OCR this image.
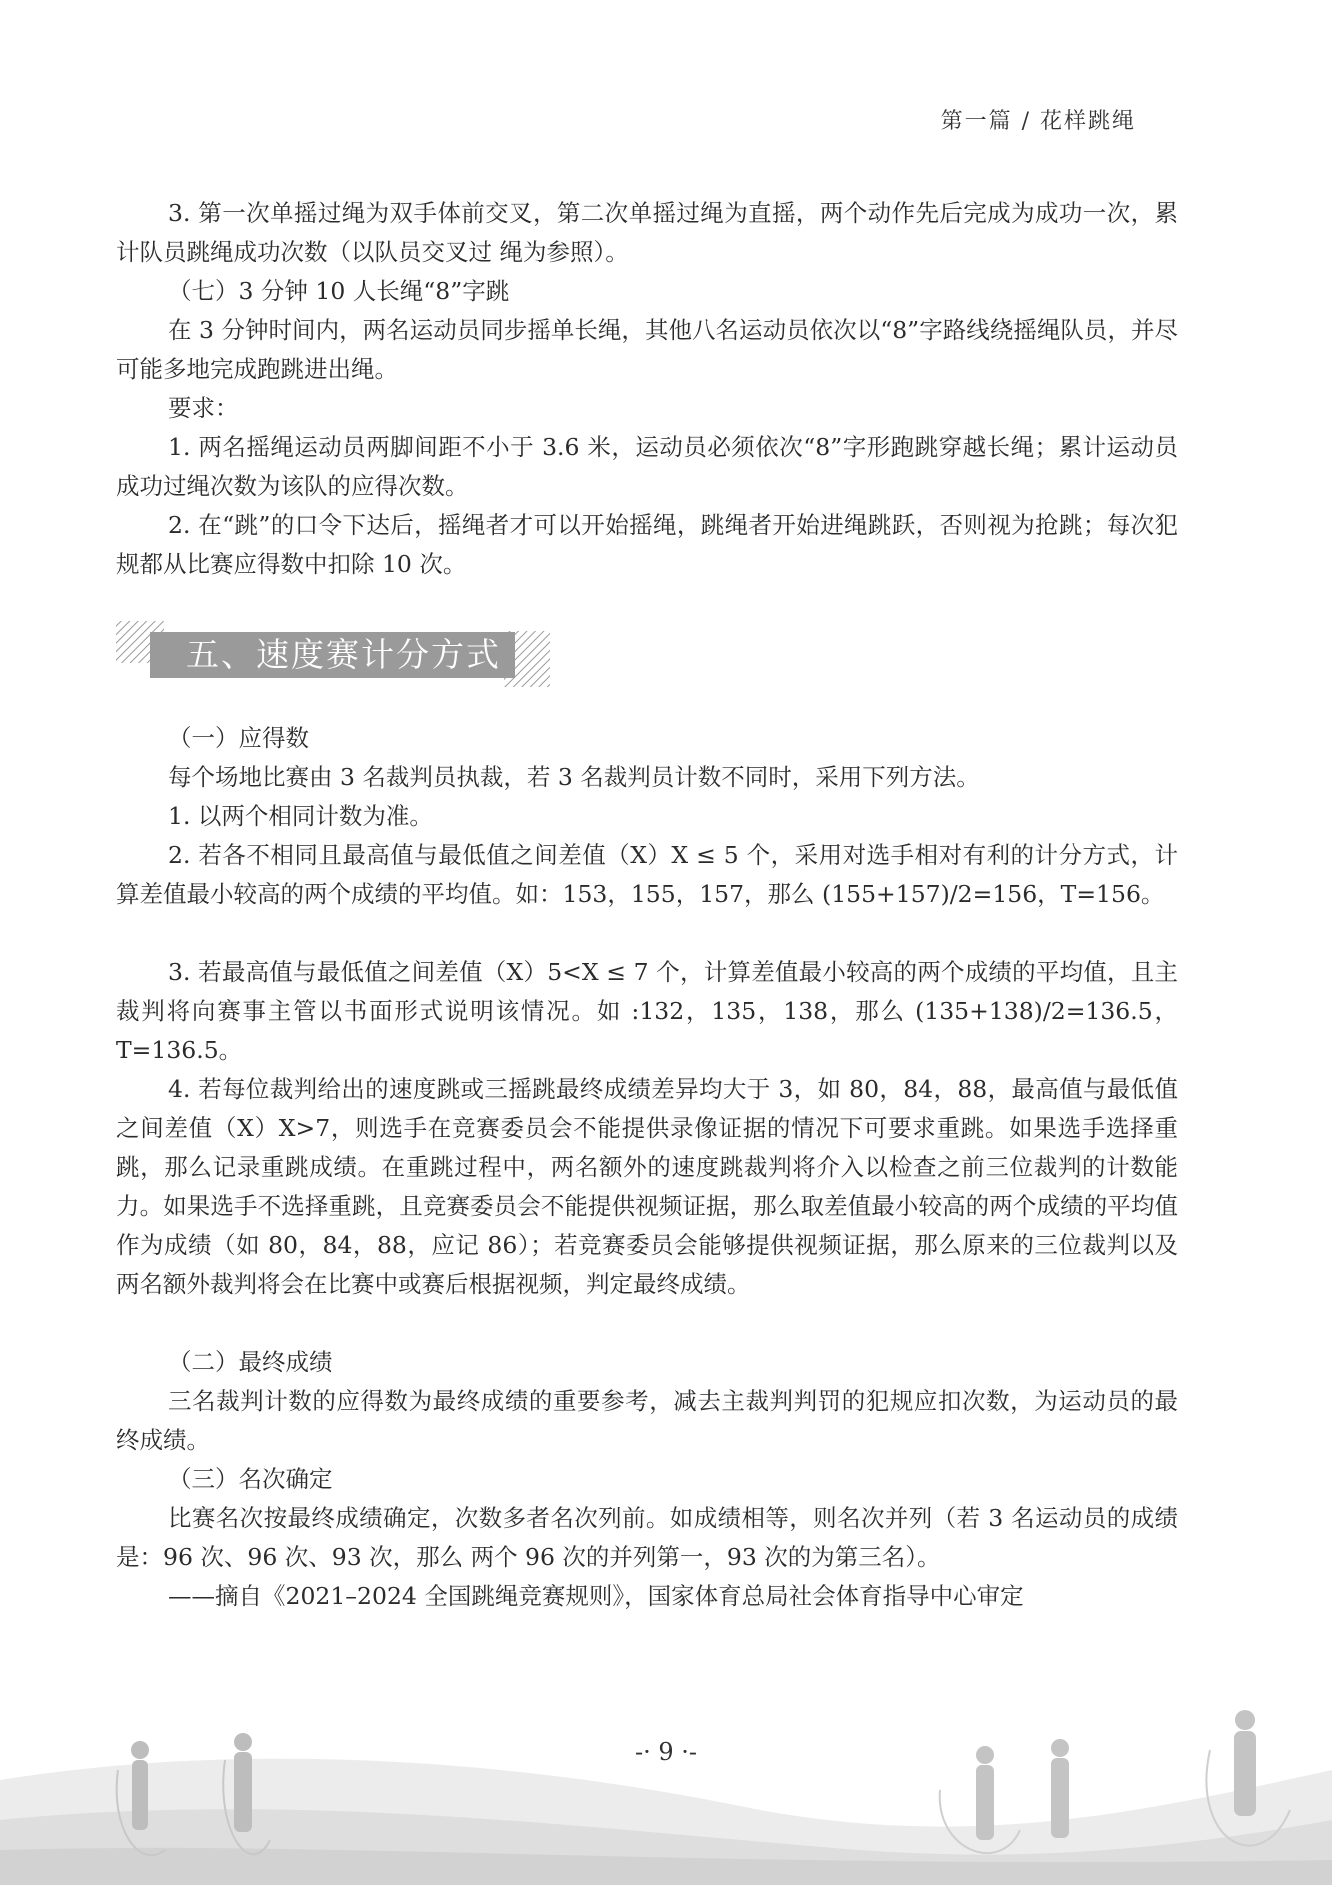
第一篇 / 花样跳绳

3. 第一次单摇过绳为双手体前交叉，第二次单摇过绳为直摇，两个动作先后完成为成功一次，累计队员跳绳成功次数（以队员交叉过 绳为参照）。

（七）3 分钟 10 人长绳“8”字跳

在 3 分钟时间内，两名运动员同步摇单长绳，其他八名运动员依次以“8”字路线绕摇绳队员，并尽可能多地完成跑跳进出绳。

要求：

1. 两名摇绳运动员两脚间距不小于 3.6 米，运动员必须依次“8”字形跑跳穿越长绳；累计运动员成功过绳次数为该队的应得次数。

2. 在“跳”的口令下达后，摇绳者才可以开始摇绳，跳绳者开始进绳跳跃，否则视为抢跳；每次犯规都从比赛应得数中扣除 10 次。

五、速度赛计分方式

（一）应得数

每个场地比赛由 3 名裁判员执裁，若 3 名裁判员计数不同时，采用下列方法。

1. 以两个相同计数为准。

2. 若各不相同且最高值与最低值之间差值（X）X ≤ 5 个，采用对选手相对有利的计分方式，计算差值最小较高的两个成绩的平均值。如：153，155，157，那么 (155+157)/2=156，T=156。

3. 若最高值与最低值之间差值（X）5<X ≤ 7 个，计算差值最小较高的两个成绩的平均值，且主裁判将向赛事主管以书面形式说明该情况。如 :132，135，138，那么 (135+138)/2=136.5，T=136.5。

4. 若每位裁判给出的速度跳或三摇跳最终成绩差异均大于 3，如 80，84，88，最高值与最低值之间差值（X）X>7，则选手在竞赛委员会不能提供录像证据的情况下可要求重跳。如果选手选择重跳，那么记录重跳成绩。在重跳过程中，两名额外的速度跳裁判将介入以检查之前三位裁判的计数能力。如果选手不选择重跳，且竞赛委员会不能提供视频证据，那么取差值最小较高的两个成绩的平均值作为成绩（如 80，84，88，应记 86）；若竞赛委员会能够提供视频证据，那么原来的三位裁判以及两名额外裁判将会在比赛中或赛后根据视频，判定最终成绩。

（二）最终成绩

三名裁判计数的应得数为最终成绩的重要参考，减去主裁判判罚的犯规应扣次数，为运动员的最终成绩。

（三）名次确定

比赛名次按最终成绩确定，次数多者名次列前。如成绩相等，则名次并列（若 3 名运动员的成绩是：96 次、96 次、93 次，那么 两个 96 次的并列第一，93 次的为第三名）。

——摘自《2021–2024 全国跳绳竞赛规则》，国家体育总局社会体育指导中心审定

-· 9 ·-
